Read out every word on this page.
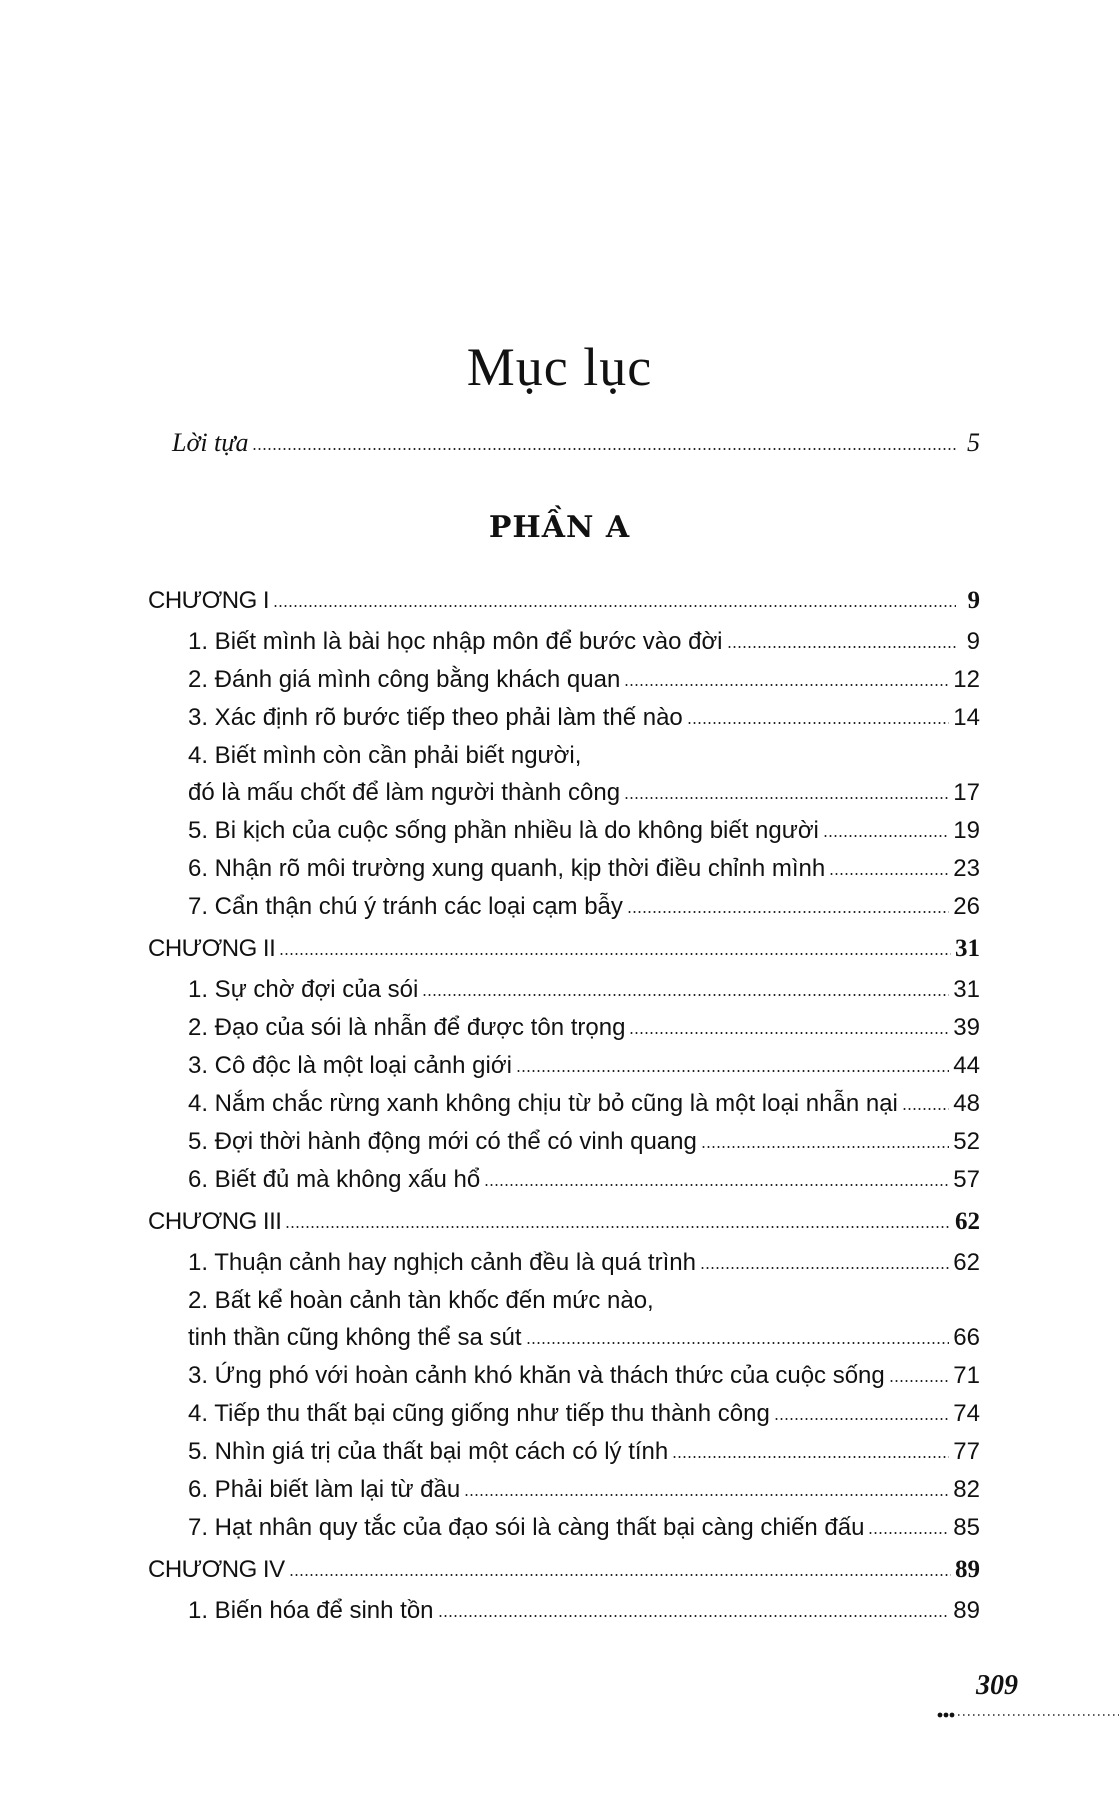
Mục lục
Lời tựa	5
PHẦN A
CHƯƠNG I	9
1. Biết mình là bài học nhập môn để bước vào đời	9
2. Đánh giá mình công bằng khách quan	12
3. Xác định rõ bước tiếp theo phải làm thế nào	14
4. Biết mình còn cần phải biết người,
đó là mấu chốt để làm người thành công	17
5. Bi kịch của cuộc sống phần nhiều là do không biết người	19
6. Nhận rõ môi trường xung quanh, kịp thời điều chỉnh mình	23
7. Cẩn thận chú ý tránh các loại cạm bẫy	26
CHƯƠNG II	31
1. Sự chờ đợi của sói	31
2. Đạo của sói là nhẫn để được tôn trọng	39
3. Cô độc là một loại cảnh giới	44
4. Nắm chắc rừng xanh không chịu từ bỏ cũng là một loại nhẫn nại 48
5. Đợi thời hành động mới có thể có vinh quang	52
6. Biết đủ mà không xấu hổ	57
CHƯƠNG III	62
1. Thuận cảnh hay nghịch cảnh đều là quá trình	62
2. Bất kể hoàn cảnh tàn khốc đến mức nào,
tinh thần cũng không thể sa sút	66
3. Ứng phó với hoàn cảnh khó khăn và thách thức của cuộc sống	71
4. Tiếp thu thất bại cũng giống như tiếp thu thành công	74
5. Nhìn giá trị của thất bại một cách có lý tính	77
6. Phải biết làm lại từ đầu	82
7. Hạt nhân quy tắc của đạo sói là càng thất bại càng chiến đấu	85
CHƯƠNG IV	89
1. Biến hóa để sinh tồn	89
309
